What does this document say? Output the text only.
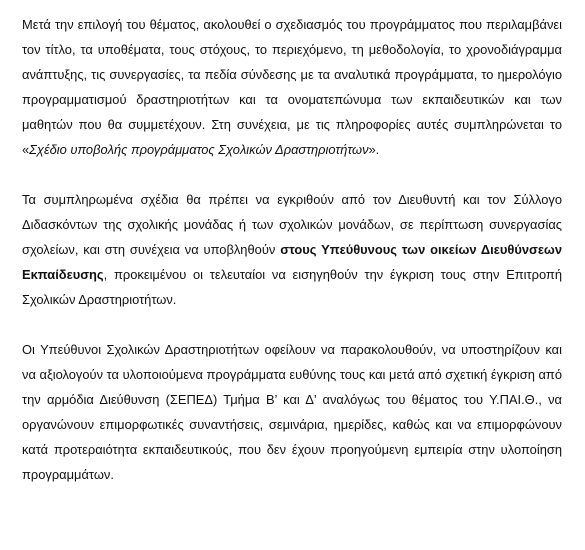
Μετά την επιλογή του θέματος, ακολουθεί ο σχεδιασμός του προγράμματος που περιλαμβάνει τον τίτλο, τα υποθέματα, τους στόχους, το περιεχόμενο, τη μεθοδολογία, το χρονοδιάγραμμα ανάπτυξης, τις συνεργασίες, τα πεδία σύνδεσης με τα αναλυτικά προγράμματα, το ημερολόγιο προγραμματισμού δραστηριοτήτων και τα ονοματεπώνυμα των εκπαιδευτικών και των μαθητών που θα συμμετέχουν. Στη συνέχεια, με τις πληροφορίες αυτές συμπληρώνεται το «Σχέδιο υποβολής προγράμματος Σχολικών Δραστηριοτήτων».

Τα συμπληρωμένα σχέδια θα πρέπει να εγκριθούν από τον Διευθυντή και τον Σύλλογο Διδασκόντων της σχολικής μονάδας ή των σχολικών μονάδων, σε περίπτωση συνεργασίας σχολείων, και στη συνέχεια να υποβληθούν στους Υπεύθυνους των οικείων Διευθύνσεων Εκπαίδευσης, προκειμένου οι τελευταίοι να εισηγηθούν την έγκριση τους στην Επιτροπή Σχολικών Δραστηριοτήτων.

Οι Υπεύθυνοι Σχολικών Δραστηριοτήτων οφείλουν να παρακολουθούν, να υποστηρίζουν και να αξιολογούν τα υλοποιούμενα προγράμματα ευθύνης τους και μετά από σχετική έγκριση από την αρμόδια Διεύθυνση (ΣΕΠΕΔ) Τμήμα Β’ και Δ’ αναλόγως του θέματος του Υ.ΠΑΙ.Θ., να οργανώνουν επιμορφωτικές συναντήσεις, σεμινάρια, ημερίδες, καθώς και να επιμορφώνουν κατά προτεραιότητα εκπαιδευτικούς, που δεν έχουν προηγούμενη εμπειρία στην υλοποίηση προγραμμάτων.
